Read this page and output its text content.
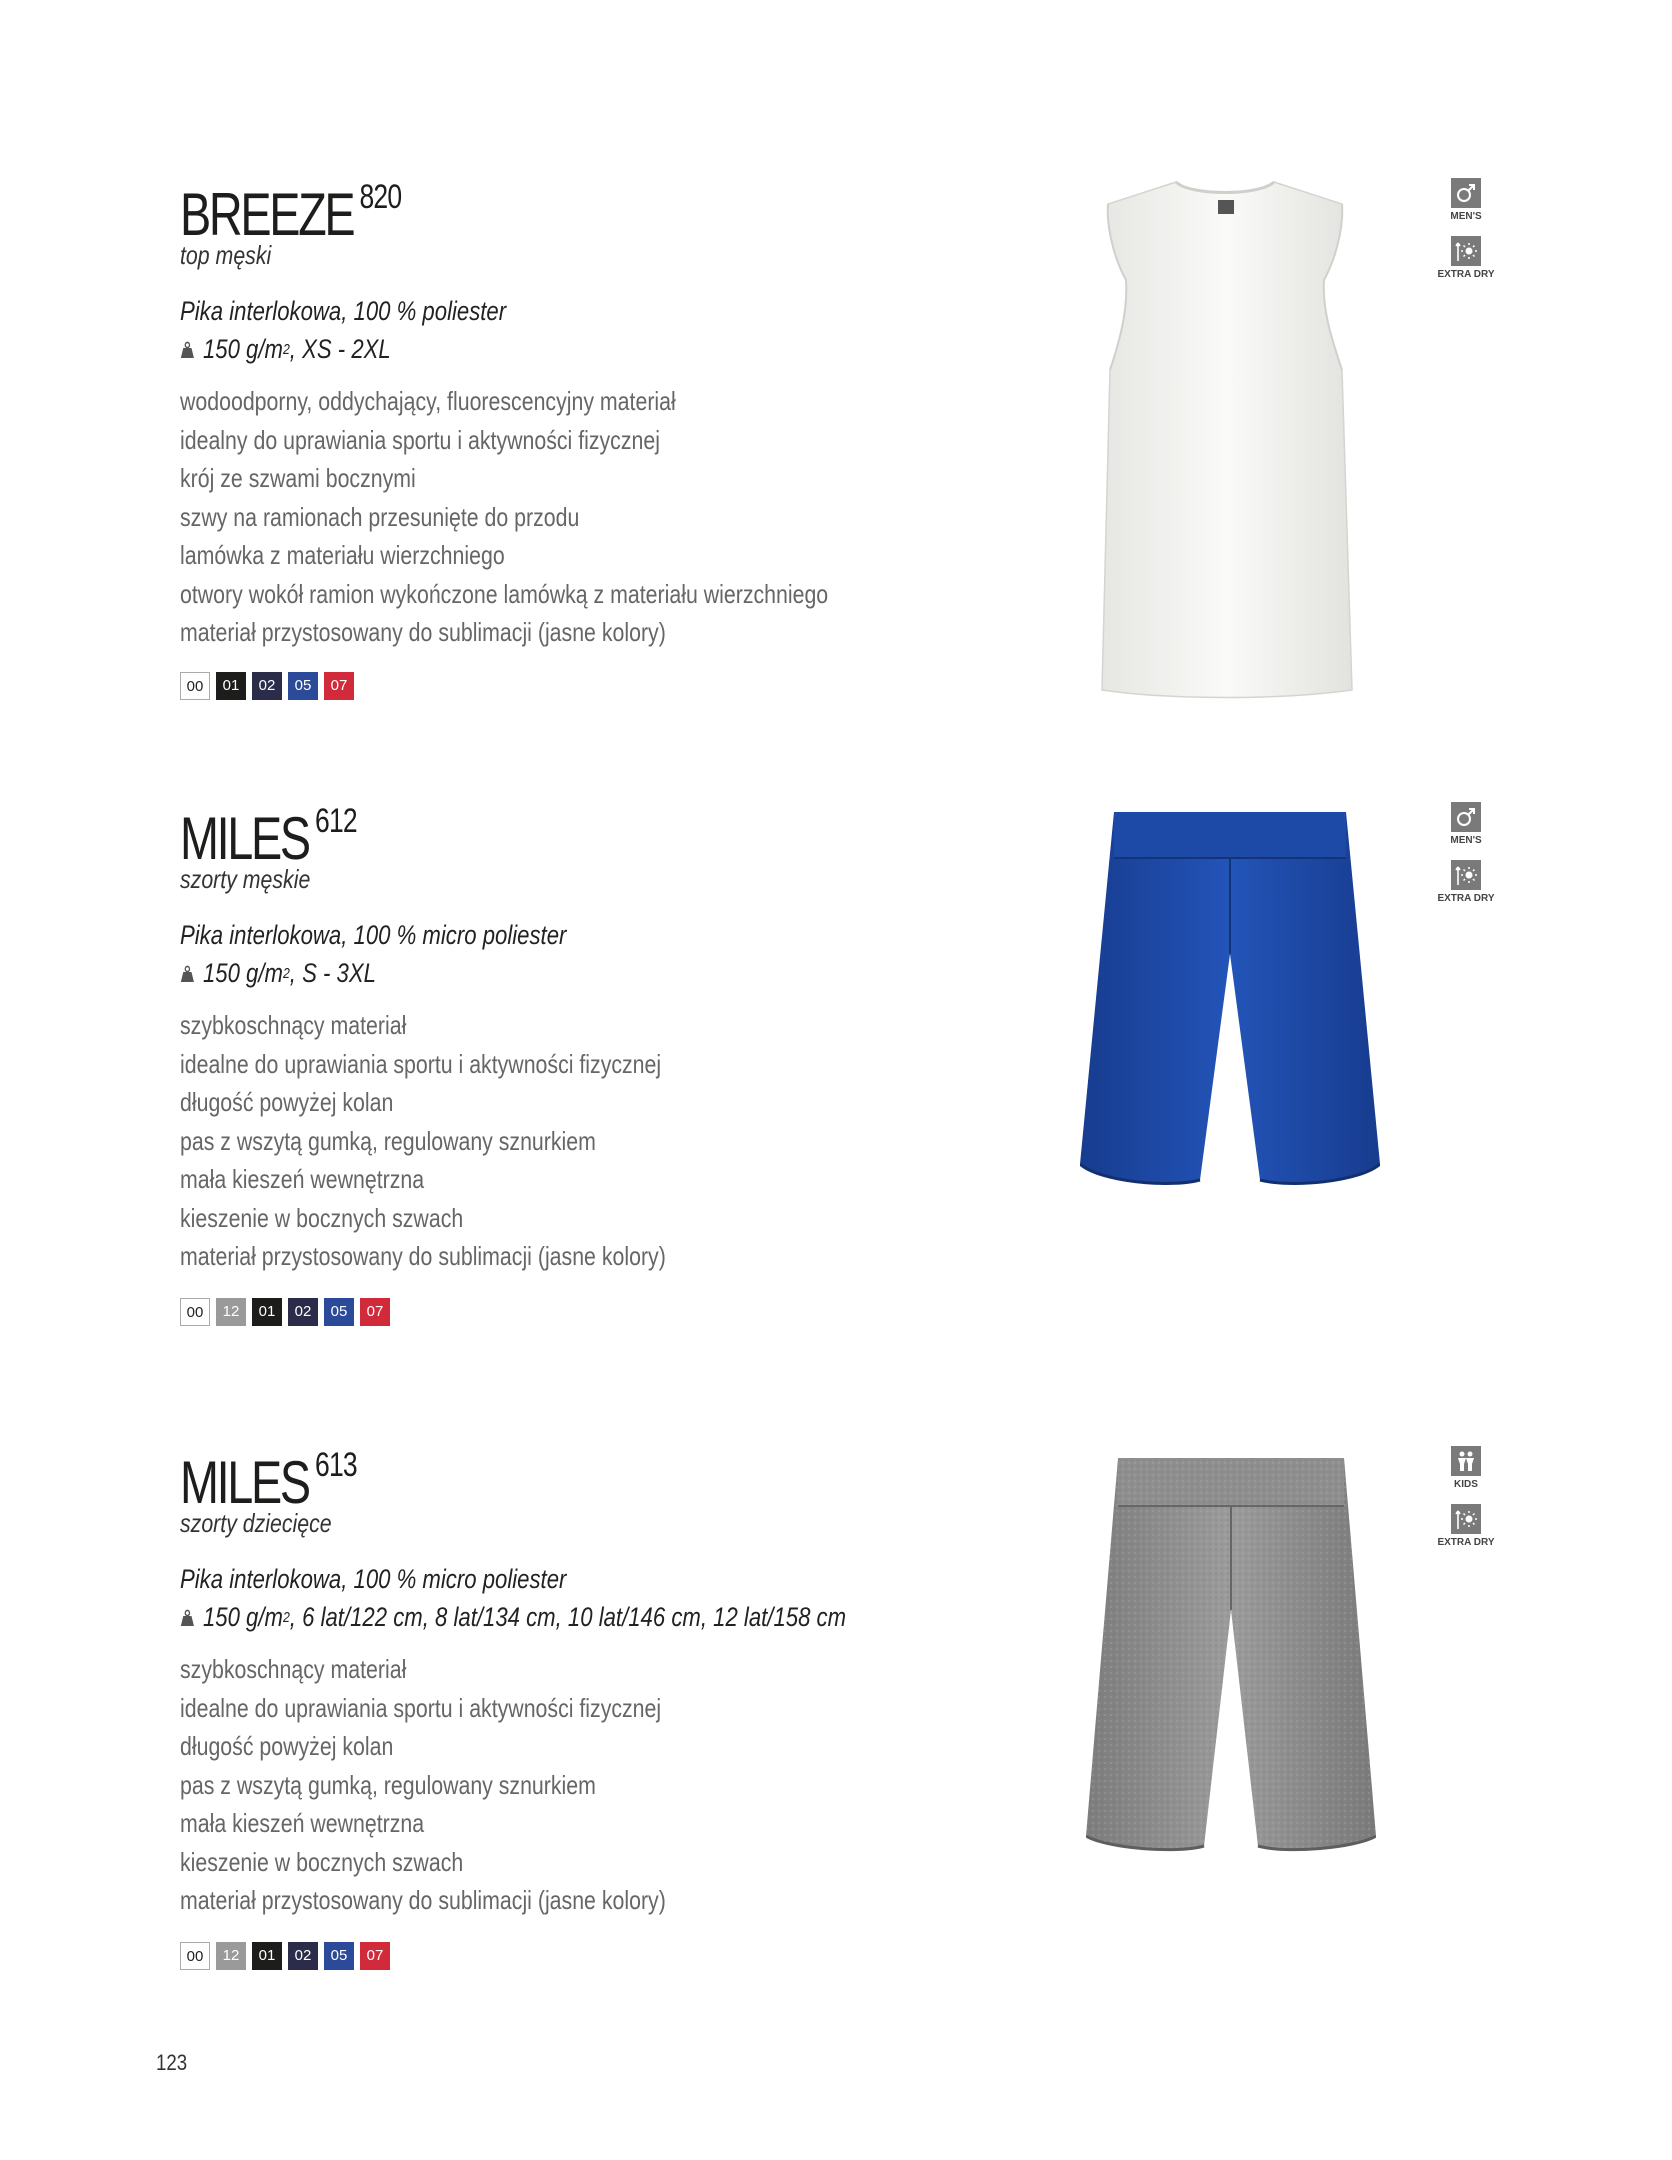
BREEZE $^{820}$
top męski
Pika interlokowa, 100 % poliester
150 g/m 2 , XS - 2XL
wodoodporny, oddychający, fluorescencyjny materiał
idealny do uprawiania sportu i aktywności fizycznej
krój ze szwami bocznymi
szwy na ramionach przesunięte do przodu
lamówka z materiału wierzchniego
otwory wokół ramion wykończone lamówką z materiału wierzchniego
materiał przystosowany do sublimacji (jasne kolory)
00	01	02	05	07
MEN'S
EXTRA DRY
MILES $^{612}$
szorty męskie
Pika interlokowa, 100 % micro poliester
150 g/m 2 , S - 3XL
szybkoschnący materiał
idealne do uprawiania sportu i aktywności fizycznej
długość powyżej kolan
pas z wszytą gumką, regulowany sznurkiem
mała kieszeń wewnętrzna
kieszenie w bocznych szwach
materiał przystosowany do sublimacji (jasne kolory)
00	12	01	02	05	07
MEN'S
EXTRA DRY
MILES $^{613}$
szorty dziecięce
Pika interlokowa, 100 % micro poliester
150 g/m 2 , 6 lat/122 cm, 8 lat/134 cm, 10 lat/146 cm, 12 lat/158 cm
szybkoschnący materiał
idealne do uprawiania sportu i aktywności fizycznej
długość powyżej kolan
pas z wszytą gumką, regulowany sznurkiem
mała kieszeń wewnętrzna
kieszenie w bocznych szwach
materiał przystosowany do sublimacji (jasne kolory)
00	12	01	02	05	07
KIDS
EXTRA DRY
123
